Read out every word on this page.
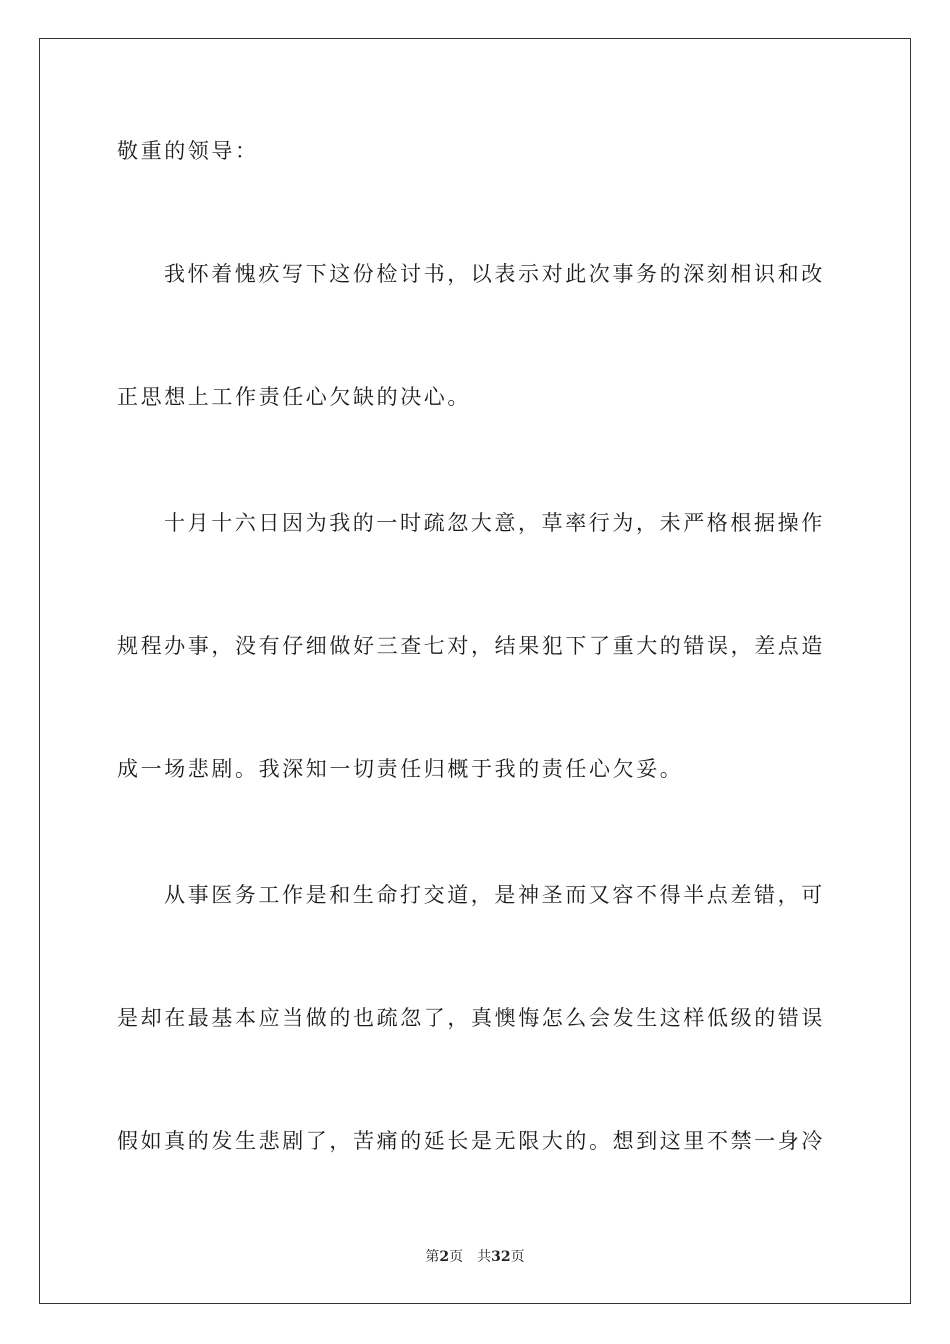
敬重的领导：
我怀着愧疚写下这份检讨书，以表示对此次事务的深刻相识和改
正思想上工作责任心欠缺的决心。
十月十六日因为我的一时疏忽大意，草率行为，未严格根据操作
规程办事，没有仔细做好三查七对，结果犯下了重大的错误，差点造
成一场悲剧。我深知一切责任归概于我的责任心欠妥。
从事医务工作是和生命打交道，是神圣而又容不得半点差错，可
是却在最基本应当做的也疏忽了，真懊悔怎么会发生这样低级的错误
假如真的发生悲剧了，苦痛的延长是无限大的。想到这里不禁一身冷
第2页 共32页
